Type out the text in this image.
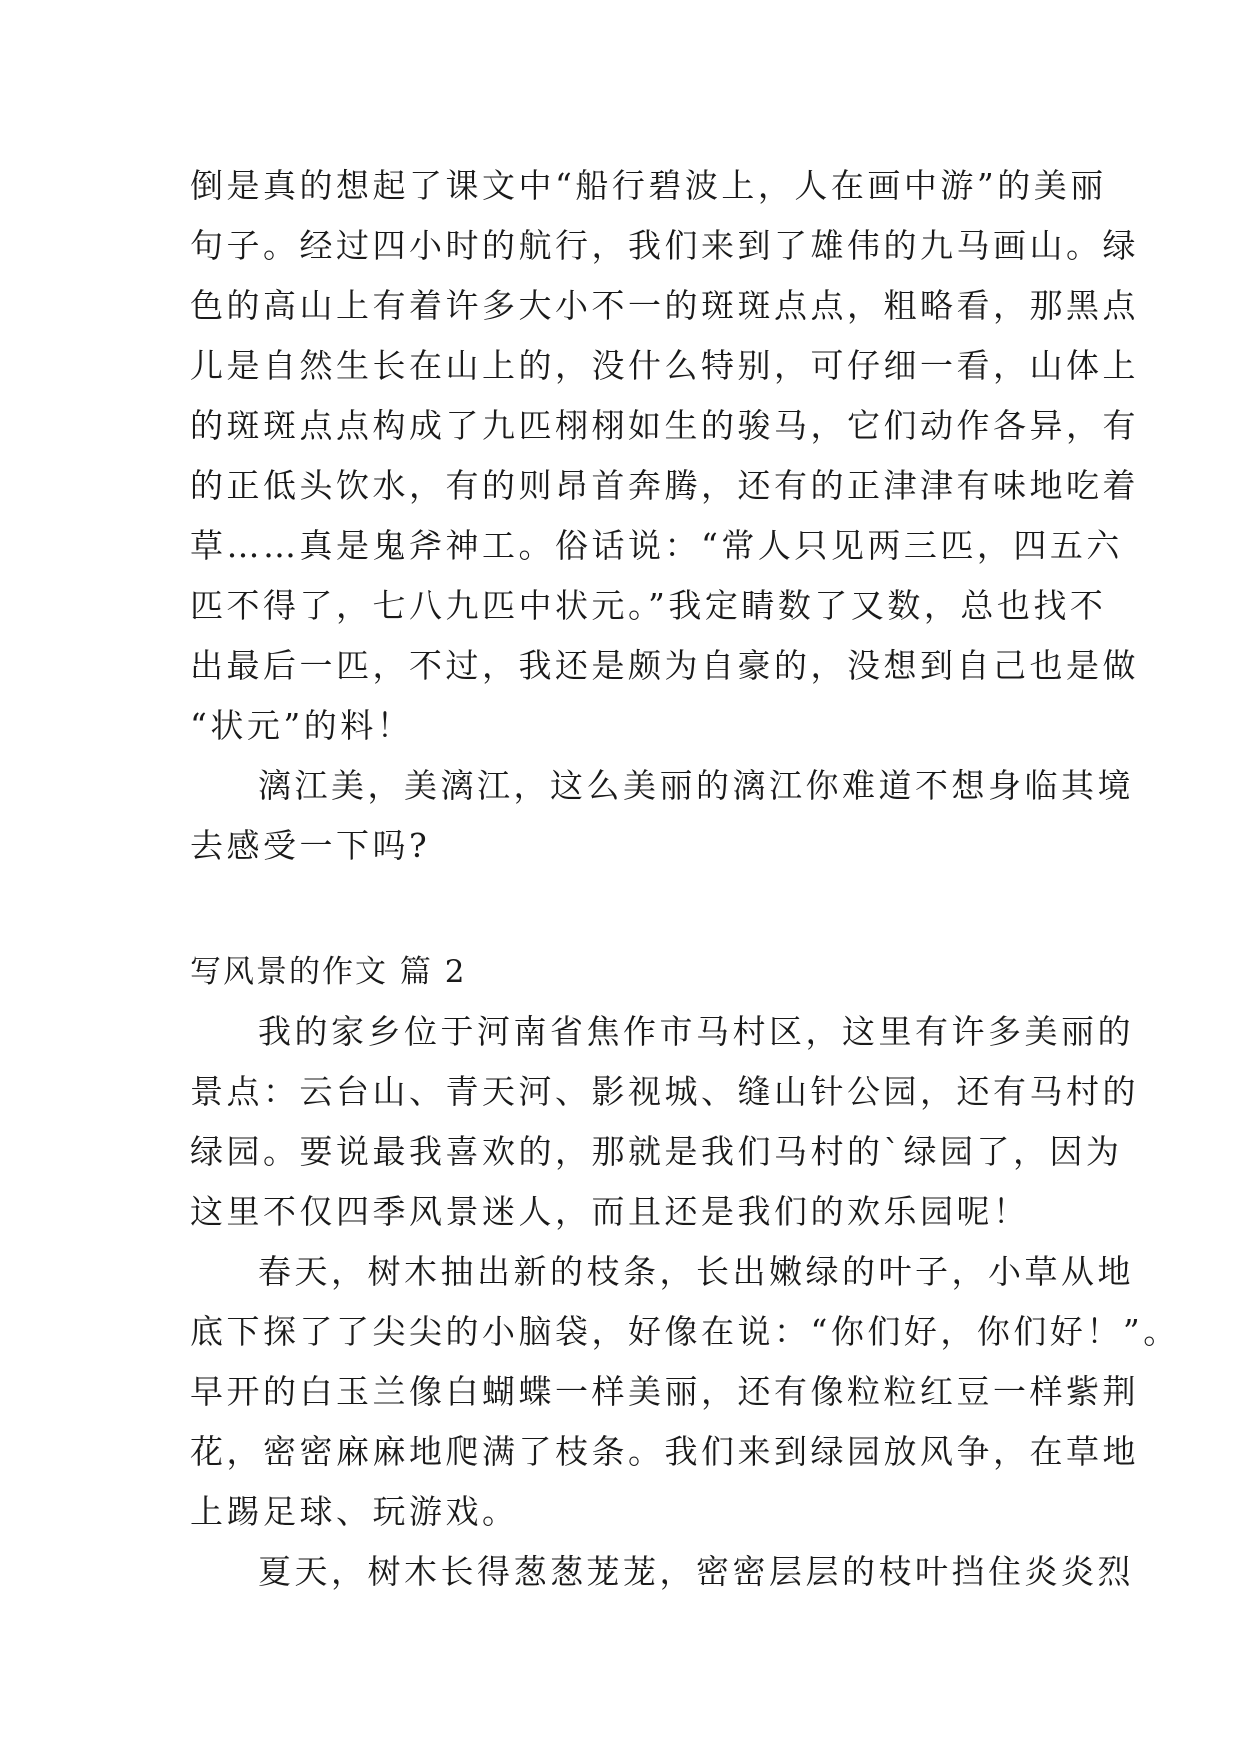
倒是真的想起了课文中“船行碧波上，人在画中游”的美丽
句子。经过四小时的航行，我们来到了雄伟的九马画山。绿
色的高山上有着许多大小不一的斑斑点点，粗略看，那黑点
儿是自然生长在山上的，没什么特别，可仔细一看，山体上
的斑斑点点构成了九匹栩栩如生的骏马，它们动作各异，有
的正低头饮水，有的则昂首奔腾，还有的正津津有味地吃着
草……真是鬼斧神工。俗话说：“常人只见两三匹，四五六
匹不得了，七八九匹中状元。”我定睛数了又数，总也找不
出最后一匹，不过，我还是颇为自豪的，没想到自己也是做
“状元”的料！
漓江美，美漓江，这么美丽的漓江你难道不想身临其境
去感受一下吗?
写风景的作文 篇 2
我的家乡位于河南省焦作市马村区，这里有许多美丽的
景点：云台山、青天河、影视城、缝山针公园，还有马村的
绿园。要说最我喜欢的，那就是我们马村的`绿园了，因为
这里不仅四季风景迷人，而且还是我们的欢乐园呢！
春天，树木抽出新的枝条，长出嫩绿的叶子，小草从地
底下探了了尖尖的小脑袋，好像在说：“你们好，你们好！”。
早开的白玉兰像白蝴蝶一样美丽，还有像粒粒红豆一样紫荆
花，密密麻麻地爬满了枝条。我们来到绿园放风争，在草地
上踢足球、玩游戏。
夏天，树木长得葱葱茏茏，密密层层的枝叶挡住炎炎烈
